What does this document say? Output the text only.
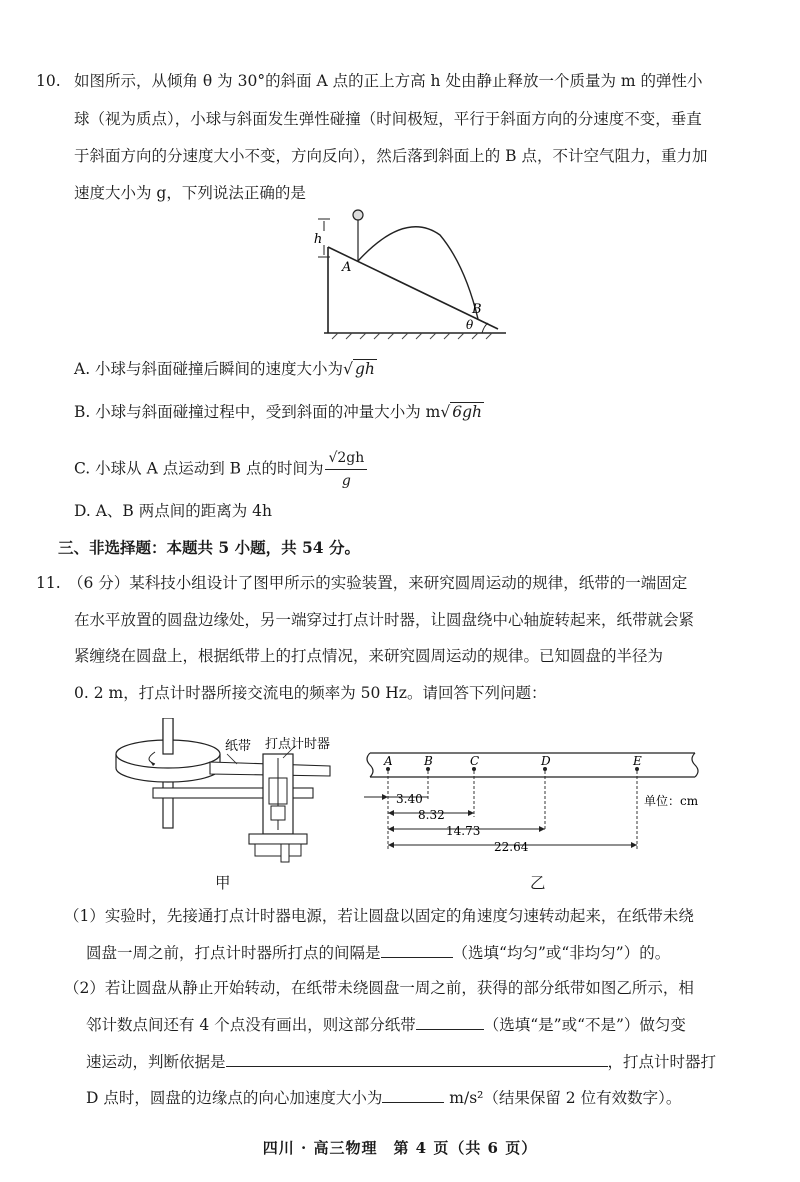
10. 如图所示，从倾角 θ 为 30°的斜面 A 点的正上方高 h 处由静止释放一个质量为 m 的弹性小
球（视为质点），小球与斜面发生弹性碰撞（时间极短，平行于斜面方向的分速度不变，垂直
于斜面方向的分速度大小不变，方向反向），然后落到斜面上的 B 点，不计空气阻力，重力加
速度大小为 g，下列说法正确的是
h
A
B
θ
A. 小球与斜面碰撞后瞬间的速度大小为√ gh
B. 小球与斜面碰撞过程中，受到斜面的冲量大小为 m√ 6gh
C. 小球从 A 点运动到 B 点的时间为 $\frac{√2gh}{g}$
D. A、B 两点间的距离为 4h
三、非选择题：本题共 5 小题，共 54 分。
11. （6 分）某科技小组设计了图甲所示的实验装置，来研究圆周运动的规律，纸带的一端固定
在水平放置的圆盘边缘处，另一端穿过打点计时器，让圆盘绕中心轴旋转起来，纸带就会紧
紧缠绕在圆盘上，根据纸带上的打点情况，来研究圆周运动的规律。已知圆盘的半径为
0. 2 m，打点计时器所接交流电的频率为 50 Hz。请回答下列问题：
纸带 打点计时器
甲
A	B	C	D	E
3.40
8.32
14.73
22.64
单位：cm
乙
（1）实验时，先接通打点计时器电源，若让圆盘以固定的角速度匀速转动起来，在纸带未绕
圆盘一周之前，打点计时器所打点的间隔是	（选填“均匀”或“非均匀”）的。
（2）若让圆盘从静止开始转动，在纸带未绕圆盘一周之前，获得的部分纸带如图乙所示，相
邻计数点间还有 4 个点没有画出，则这部分纸带	（选填“是”或“不是”）做匀变
速运动，判断依据是	，打点计时器打
D 点时，圆盘的边缘点的向心加速度大小为	m/s²（结果保留 2 位有效数字）。
四川 · 高三物理　第 4 页（共 6 页）
